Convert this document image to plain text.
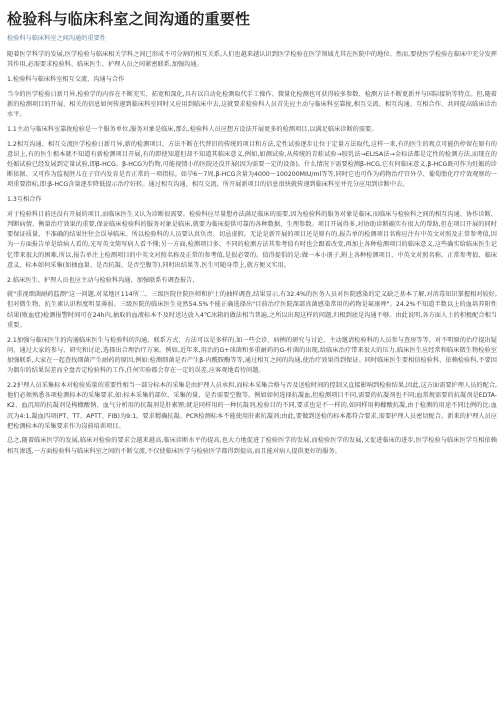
检验科与临床科室之间沟通的重要性
检验科与临床科室之间沟通的重要性

随着医学科学的发展,医学检验与临床相关学科之间已形成不可分割的相互关系,人们也越来越认识到医学检验在医学领域尤其在医院中的地位。然而,要使医学检验在临床中充分发挥其作用,必需要求检验科、临床医生、护理人员之间紧密联系,加强沟通。

1.检验科与临床科室相互交流、沟通与合作

当今的医学检验日新月异,检验学的内容在不断充实、拓宽和深化,具有以自动化检测取代手工操作、微量化检测也可获得较多参数、检测方法不断更新并与国际接轨等特点。但,随着新的检测项目的开展、相关的信息如何传递到临床科室同时又应用到临床中去,这就要求检验科人员首先应主动与临床科室靠拢,相互交流、相互沟通、互相合作、共同提高临床诊治水平。

1.1主动与临床科室靠拢检验是一个服务单位,服务对象是临床,那么,检验科人员应想方设法开展更多的检测项目,以满足临床诊断的需要。

1.2相互沟通、相互交流医学检验日新月异,新的检测项目、方法不断在代替旧的传统的项目和方法,定性试验逐步让位于定量方法取代,这样一来,有的医生的观点可能仍停留在原有的意识上,有的医生根本就不知道有新检测项目开展,有的即使知道但却不知道其临床意义,例如,如测试验,从传统的青蛙试验→胶乳法→ELISA法→金标法都是定性的检测方法,而现在的妊娠试验已经发展到定量试验,即β-HCG。β-HCG为钓物,可能视情小的医院还没开展(因为需要一定的设备)。什么情况下需要检测β-HCG,它有何临床意义,β-HCG既可作为妊娠的诊断依据、又可作为监视胚儿在子宫内发育是否正常的一项指标。如孕6～7周,β-HCG含量为4000～100200MIU/ml等等,同时它也可作为药物治疗宫外孕、葡萄胎化疗疗效观察的一项重要指标,即:β-HCG含量逐步降低提示治疗好转。通过相互沟通、相互交流、所开展新项目的信息很快就传递到临床科室并充分应用到诊断中去。

1.3互相合作

对于检验科目前还没有开展的项目,而临床医生又认为诊断很需要。检验科应尽量想办法满足临床的需要,因为检验科的服务对象是临床,而临床与检验科之间的相互沟通、协作诊断、判断病情、衡量治疗效果的重要,保证临床检验科的服务对象是临床,就要为临床提供可靠的各种数据、生理参数。项目开展得多,对协助诊断确实有很大的帮助,但在项目开展的同时要保证质量、不准确的结果往往会误导临床。所以检验科的人员要认真负责、切忌虚假。无论是新开展的项目还是原有的,报告单的检测项目名称应注有中英文对照及正常参考值,因为一方面报告单是给病人看的,光写英文简写病人看不懂;另一方面,检测项目多、不同的检测方法其参考值有时也会跟着改变,再加上各种检测项目的临床意义,这些确实给临床医生记忆带来很大的困难,所以,报告单注上检测项目的中英文对照名称及正常的参考值,是很必要的。值得提倡的是:做一本小册子,附上各种检测项目、中英文对照名称、正常参考值、临床意义、标本如何采集(如抽血量、是否抗凝、是否空腹等),同时出结果等,医生可随身带上,就方便又实用。

2.临床医生、护理人员也应主动与检验科沟通、加强联系有调查报告,

就"重视细菌耐药监测"这一问题,对某地区114所二、三级医院住院医师和护士的抽样调查,结果显示,有32.4%的医务人员对医院感染的定义缺乏基本了解,对消毒知识掌握相对较好,但对微生物、抗生素认识程度明显薄弱。三级医院的临床医生竟然54.5%不能正确选择出"目前治疗医院深部真菌感染常用的药物是氟康唑"。24.2%不知道半数以上的血培养阳性结果(败血症)检测报警时间可在24h内,抽取的血液标本不及时送达放入4℃冰箱的做法相当普遍,之所以出现这样的问题,归根到底是沟通不够。由此说明,各方面人士的积极配合相当重要。

2.1加强与临床医生的沟通临床医生与检验科的沟通、联系方式、方法可以是多样的,如一些会诊、病例的研究与讨论、主动邀请检验科的人员参与查房等等。对不明原的治疗提出疑问、通过大家的参与、研究和讨论,选择出合理治疗方案。例如,近年来,用治的G+球菌和多重耐药的G-杆菌的出现,给临床治疗带来很大的压力,临床医生应经常和临床微生物检验室加强联系,大家在一起查找细菌产生耐药的原因,例如:检测细菌是否产生β-内酰胺酶等等,通过相互之间的沟通,使治疗效果得到保证。同时临床医生要相信检验科、依赖检验科,不要因为偶尔的结果误差而全盘否定检验科的工作,任何实验都会存在一定的误差,应客观地看待问题。

2.2护理人员采集标本对检验质量的重要性相当一部分标本的采集是由护理人员承担,而标本采集合格与否及送检时间的控制又直接影响到检验结果,因此,这方面需要护理人员的配合,他们必须熟悉各项检测标本的采集要求,如:标本采集的部位、采集的量、是否需要空腹等。例如如何选择抗凝血,但检测项目不同,需要的抗凝剂也不同;血常规需要的抗凝剂是EDTA-K2、血沉用的抗凝剂是枸橼酸钠、血气分析用的抗凝剂是肝素锂;就是同样用的一种抗凝剂,检验目的不同,要求也是不一样的,如同样用枸橼酸抗凝,由于检测的用途不同比例的比:血沉为4:1,凝血四项(PT、TT、APTT、FIB)为9:1。要求精确抗凝。PCR检测标本不能使用肝素抗凝剂;由此,要做到送检的标本都符合要求,需要护理人员密切配合。新来的护理人员应把检测标本的采集要求作为岗前培训项目。

总之,随着临床医学的发展,临床对检验的要求会越来越高,临床诊断水平的提高,也大力地促进了检验医学的发展,而检验医学的发展,又促进临床的进步,医学检验与临床医学互相依赖相互渗透,一方面检验科与临床科室之间的不断交流,不仅使临床医学与检验医学都得到提高,而且能对病人提供更好的服务。
